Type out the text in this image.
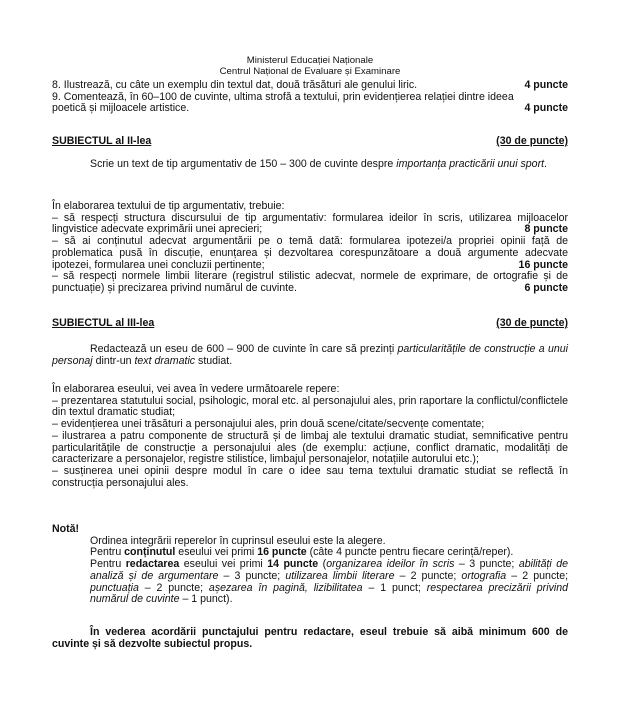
Ministerul Educației Naționale
Centrul Național de Evaluare și Examinare
8. Ilustrează, cu câte un exemplu din textul dat, două trăsături ale genului liric.	4 puncte
9. Comentează, în 60–100 de cuvinte, ultima strofă a textului, prin evidențierea relației dintre ideea
poetică și mijloacele artistice.	4 puncte
SUBIECTUL al II-lea	(30 de puncte)
Scrie un text de tip argumentativ de 150 – 300 de cuvinte despre importanța practicării unui sport.
În elaborarea textului de tip argumentativ, trebuie:
– să respecți structura discursului de tip argumentativ: formularea ideilor în scris, utilizarea mijloacelor lingvistice adecvate exprimării unei aprecieri;	8 puncte
– să ai conținutul adecvat argumentării pe o temă dată: formularea ipotezei/a propriei opinii față de problematica pusă în discuție, enunțarea și dezvoltarea corespunzătoare a două argumente adecvate ipotezei, formularea unei concluzii pertinente;	16 puncte
– să respecți normele limbii literare (registrul stilistic adecvat, normele de exprimare, de ortografie și de punctuație) și precizarea privind numărul de cuvinte.	6 puncte
SUBIECTUL al III-lea	(30 de puncte)
Redactează un eseu de 600 – 900 de cuvinte în care să prezinți particularitățile de construcție a unui personaj dintr-un text dramatic studiat.
În elaborarea eseului, vei avea în vedere următoarele repere:
– prezentarea statutului social, psihologic, moral etc. al personajului ales, prin raportare la conflictul/conflictele din textul dramatic studiat;
– evidențierea unei trăsături a personajului ales, prin două scene/citate/secvențe comentate;
– ilustrarea a patru componente de structură și de limbaj ale textului dramatic studiat, semnificative pentru particularitățile de construcție a personajului ales (de exemplu: acțiune, conflict dramatic, modalități de caracterizare a personajelor, registre stilistice, limbajul personajelor, notațiile autorului etc.);
– susținerea unei opinii despre modul în care o idee sau tema textului dramatic studiat se reflectă în construcția personajului ales.

Notă!

Ordinea integrării reperelor în cuprinsul eseului este la alegere.

Pentru conținutul eseului vei primi 16 puncte (câte 4 puncte pentru fiecare cerință/reper).

Pentru redactarea eseului vei primi 14 puncte (organizarea ideilor în scris – 3 puncte; abilități de analiză și de argumentare – 3 puncte; utilizarea limbii literare – 2 puncte; ortografia – 2 puncte; punctuația – 2 puncte; așezarea în pagină, lizibilitatea – 1 punct; respectarea precizării privind numărul de cuvinte – 1 punct).

În vederea acordării punctajului pentru redactare, eseul trebuie să aibă minimum 600 de cuvinte și să dezvolte subiectul propus.
